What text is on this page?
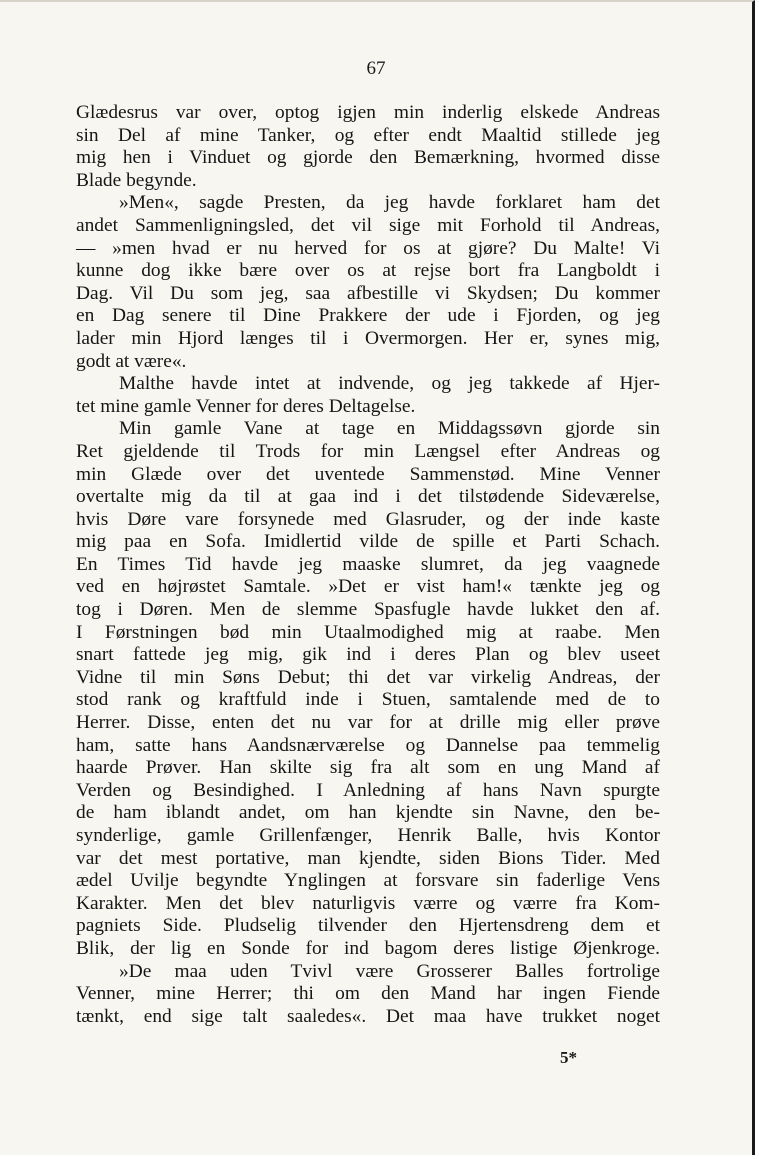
67
Glædesrus var over, optog igjen min inderlig elskede Andreas
sin Del af mine Tanker, og efter endt Maaltid stillede jeg
mig hen i Vinduet og gjorde den Bemærkning, hvormed disse
Blade begynde.
»Men«, sagde Presten, da jeg havde forklaret ham det
andet Sammenligningsled, det vil sige mit Forhold til Andreas,
— »men hvad er nu herved for os at gjøre? Du Malte! Vi
kunne dog ikke bære over os at rejse bort fra Langboldt i
Dag. Vil Du som jeg, saa afbestille vi Skydsen; Du kommer
en Dag senere til Dine Prakkere der ude i Fjorden, og jeg
lader min Hjord længes til i Overmorgen. Her er, synes mig,
godt at være«.
Malthe havde intet at indvende, og jeg takkede af Hjer-
tet mine gamle Venner for deres Deltagelse.
Min gamle Vane at tage en Middagssøvn gjorde sin
Ret gjeldende til Trods for min Længsel efter Andreas og
min Glæde over det uventede Sammenstød. Mine Venner
overtalte mig da til at gaa ind i det tilstødende Sideværelse,
hvis Døre vare forsynede med Glasruder, og der inde kaste
mig paa en Sofa. Imidlertid vilde de spille et Parti Schach.
En Times Tid havde jeg maaske slumret, da jeg vaagnede
ved en højrøstet Samtale. »Det er vist ham!« tænkte jeg og
tog i Døren. Men de slemme Spasfugle havde lukket den af.
I Førstningen bød min Utaalmodighed mig at raabe. Men
snart fattede jeg mig, gik ind i deres Plan og blev useet
Vidne til min Søns Debut; thi det var virkelig Andreas, der
stod rank og kraftfuld inde i Stuen, samtalende med de to
Herrer. Disse, enten det nu var for at drille mig eller prøve
ham, satte hans Aandsnærværelse og Dannelse paa temmelig
haarde Prøver. Han skilte sig fra alt som en ung Mand af
Verden og Besindighed. I Anledning af hans Navn spurgte
de ham iblandt andet, om han kjendte sin Navne, den be-
synderlige, gamle Grillenfænger, Henrik Balle, hvis Kontor
var det mest portative, man kjendte, siden Bions Tider. Med
ædel Uvilje begyndte Ynglingen at forsvare sin faderlige Vens
Karakter. Men det blev naturligvis værre og værre fra Kom-
pagniets Side. Pludselig tilvender den Hjertensdreng dem et
Blik, der lig en Sonde for ind bagom deres listige Øjenkroge.
»De maa uden Tvivl være Grosserer Balles fortrolige
Venner, mine Herrer; thi om den Mand har ingen Fiende
tænkt, end sige talt saaledes«. Det maa have trukket noget
5*
